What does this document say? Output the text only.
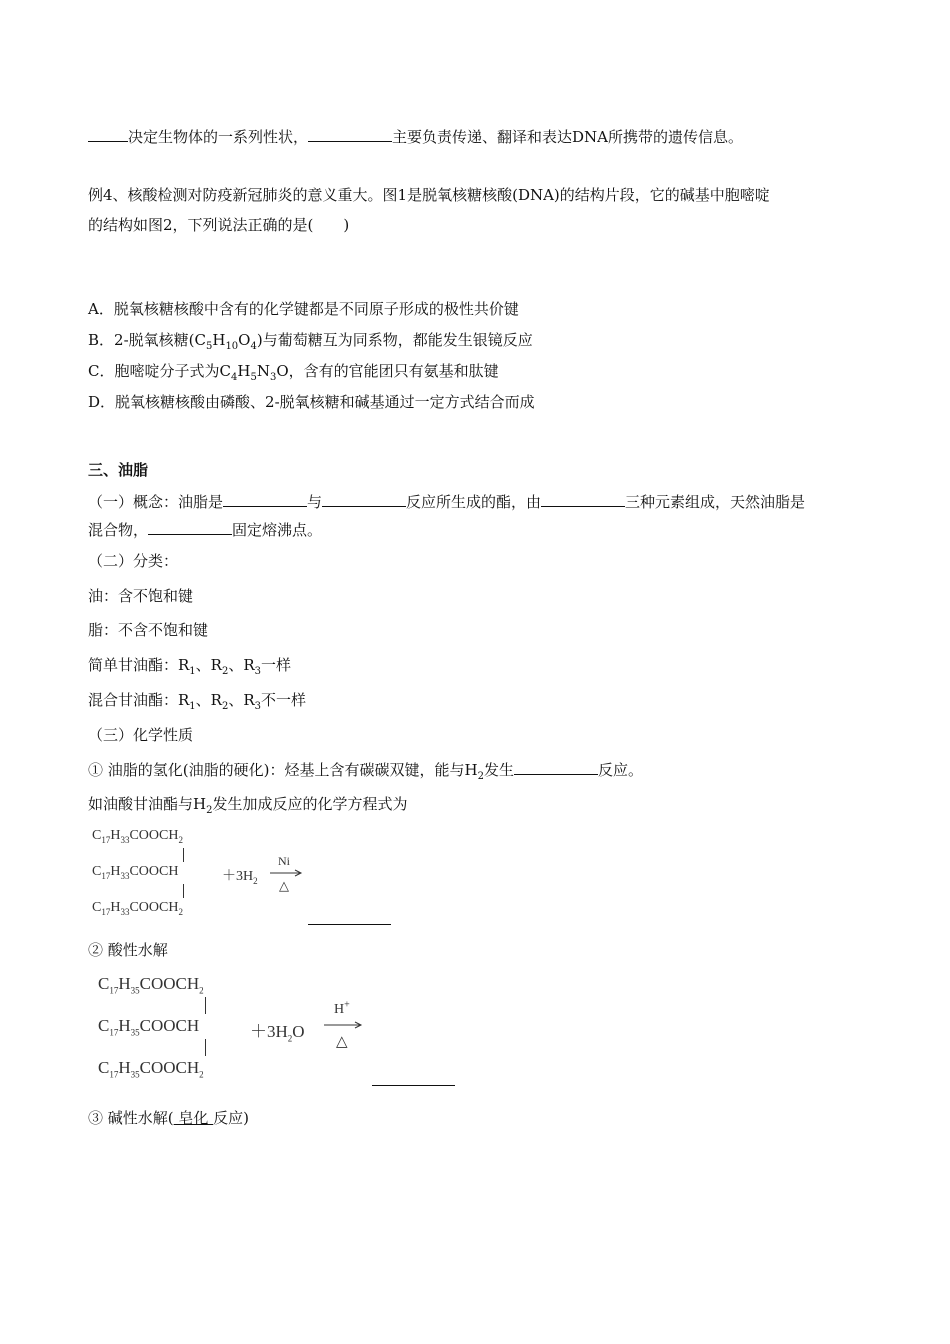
决定生物体的一系列性状，	主要负责传递、翻译和表达DNA所携带的遗传信息。
例4、核酸检测对防疫新冠肺炎的意义重大。图1是脱氧核糖核酸(DNA)的结构片段，它的碱基中胞嘧啶
的结构如图2，下列说法正确的是(　　)
A．脱氧核糖核酸中含有的化学键都是不同原子形成的极性共价键
B．2-脱氧核糖$(C_5H_{10}O_4)$与葡萄糖互为同系物，都能发生银镜反应
C．胞嘧啶分子式为$C_4H_5N_3O$，含有的官能团只有氨基和肽键
D．脱氧核糖核酸由磷酸、2-脱氧核糖和碱基通过一定方式结合而成
三、油脂
（一）概念：油脂是	与	反应所生成的酯，由	三种元素组成，天然油脂是
混合物，	固定熔沸点。
（二）分类：
油：含不饱和键
脂：不含不饱和键
简单甘油酯：$R_1$、$R_2$、$R_3$一样
混合甘油酯：$R_1$、$R_2$、$R_3$不一样
（三）化学性质
① 油脂的氢化(油脂的硬化)：烃基上含有碳碳双键，能与$H_2$发生	反应。
如油酸甘油酯与$H_2$发生加成反应的化学方程式为
$C_{17}H_{33}COOCH_2$
$C_{17}H_{33}COOCH$	$+3H_2$
Ni
△
$C_{17}H_{33}COOCH_2$
② 酸性水解
$C_{17}H_{35}COOCH_2$
$C_{17}H_{35}COOCH$	$+3H_2O$
H+
△
$C_{17}H_{35}COOCH_2$
③ 碱性水解( 皂化 反应)
